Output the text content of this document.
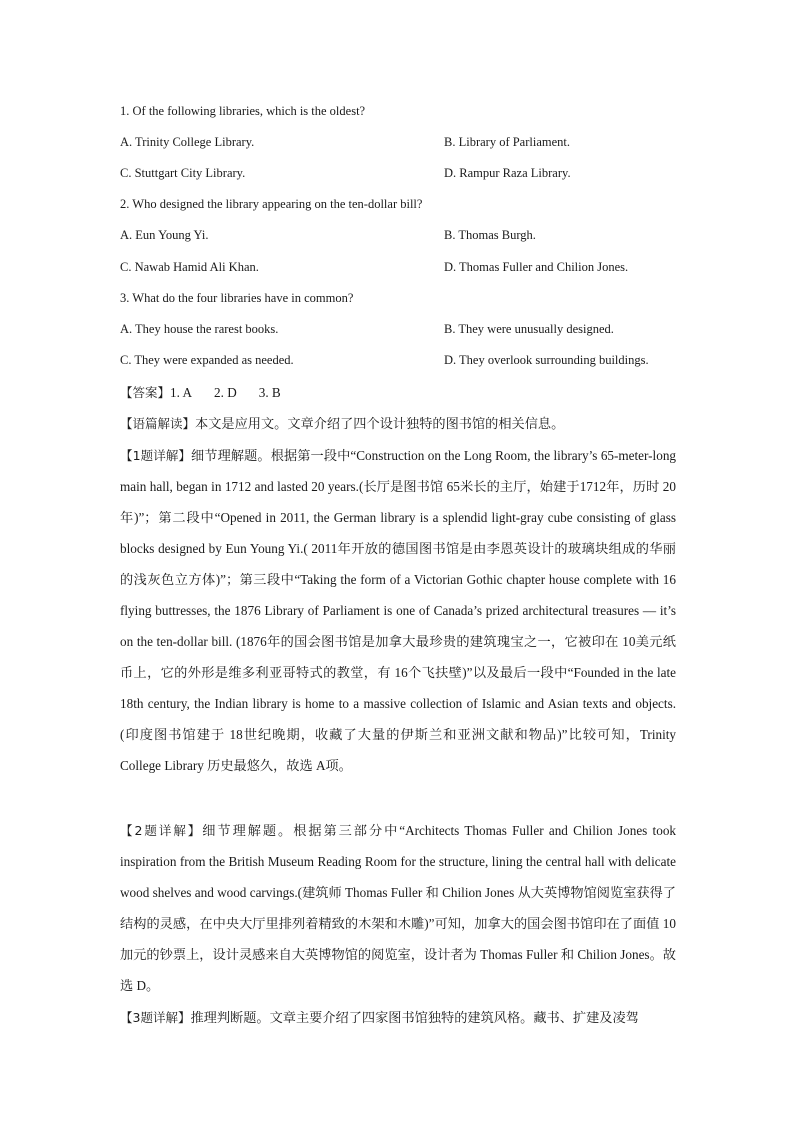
1. Of the following libraries, which is the oldest?
A. Trinity College Library.	B. Library of Parliament.
C. Stuttgart City Library.	D. Rampur Raza Library.
2. Who designed the library appearing on the ten-dollar bill?
A. Eun Young Yi.	B. Thomas Burgh.
C. Nawab Hamid Ali Khan.	D. Thomas Fuller and Chilion Jones.
3. What do the four libraries have in common?
A. They house the rarest books.	B. They were unusually designed.
C. They were expanded as needed.	D. They overlook surrounding buildings.
【答案】1. A 2. D 3. B
【语篇解读】本文是应用文。文章介绍了四个设计独特的图书馆的相关信息。
【1题详解】细节理解题。根据第一段中“Construction on the Long Room, the library’s 65-meter-long main hall, began in 1712 and lasted 20 years.(长厅是图书馆 65米长的主厅，始建于1712年，历时 20年)”；第二段中“Opened in 2011, the German library is a splendid light-gray cube consisting of glass blocks designed by Eun Young Yi.( 2011年开放的德国图书馆是由李恩英设计的玻璃块组成的华丽的浅灰色立方体)”；第三段中“Taking the form of a Victorian Gothic chapter house complete with 16 flying buttresses, the 1876 Library of Parliament is one of Canada’s prized architectural treasures — it’s on the ten-dollar bill. (1876年的国会图书馆是加拿大最珍贵的建筑瑰宝之一，它被印在 10美元纸币上，它的外形是维多利亚哥特式的教堂，有 16个飞扶壁)”以及最后一段中“Founded in the late 18th century, the Indian library is home to a massive collection of Islamic and Asian texts and objects.(印度图书馆建于 18世纪晚期，收藏了大量的伊斯兰和亚洲文献和物品)”比较可知，Trinity College Library 历史最悠久，故选 A项。
【2题详解】细节理解题。根据第三部分中“Architects Thomas Fuller and Chilion Jones took inspiration from the British Museum Reading Room for the structure, lining the central hall with delicate wood shelves and wood carvings.(建筑师 Thomas Fuller 和 Chilion Jones 从大英博物馆阅览室获得了结构的灵感，在中央大厅里排列着精致的木架和木雕)”可知，加拿大的国会图书馆印在了面值 10加元的钞票上，设计灵感来自大英博物馆的阅览室，设计者为 Thomas Fuller 和 Chilion Jones。故选 D。
【3题详解】推理判断题。文章主要介绍了四家图书馆独特的建筑风格。藏书、扩建及凌驾
